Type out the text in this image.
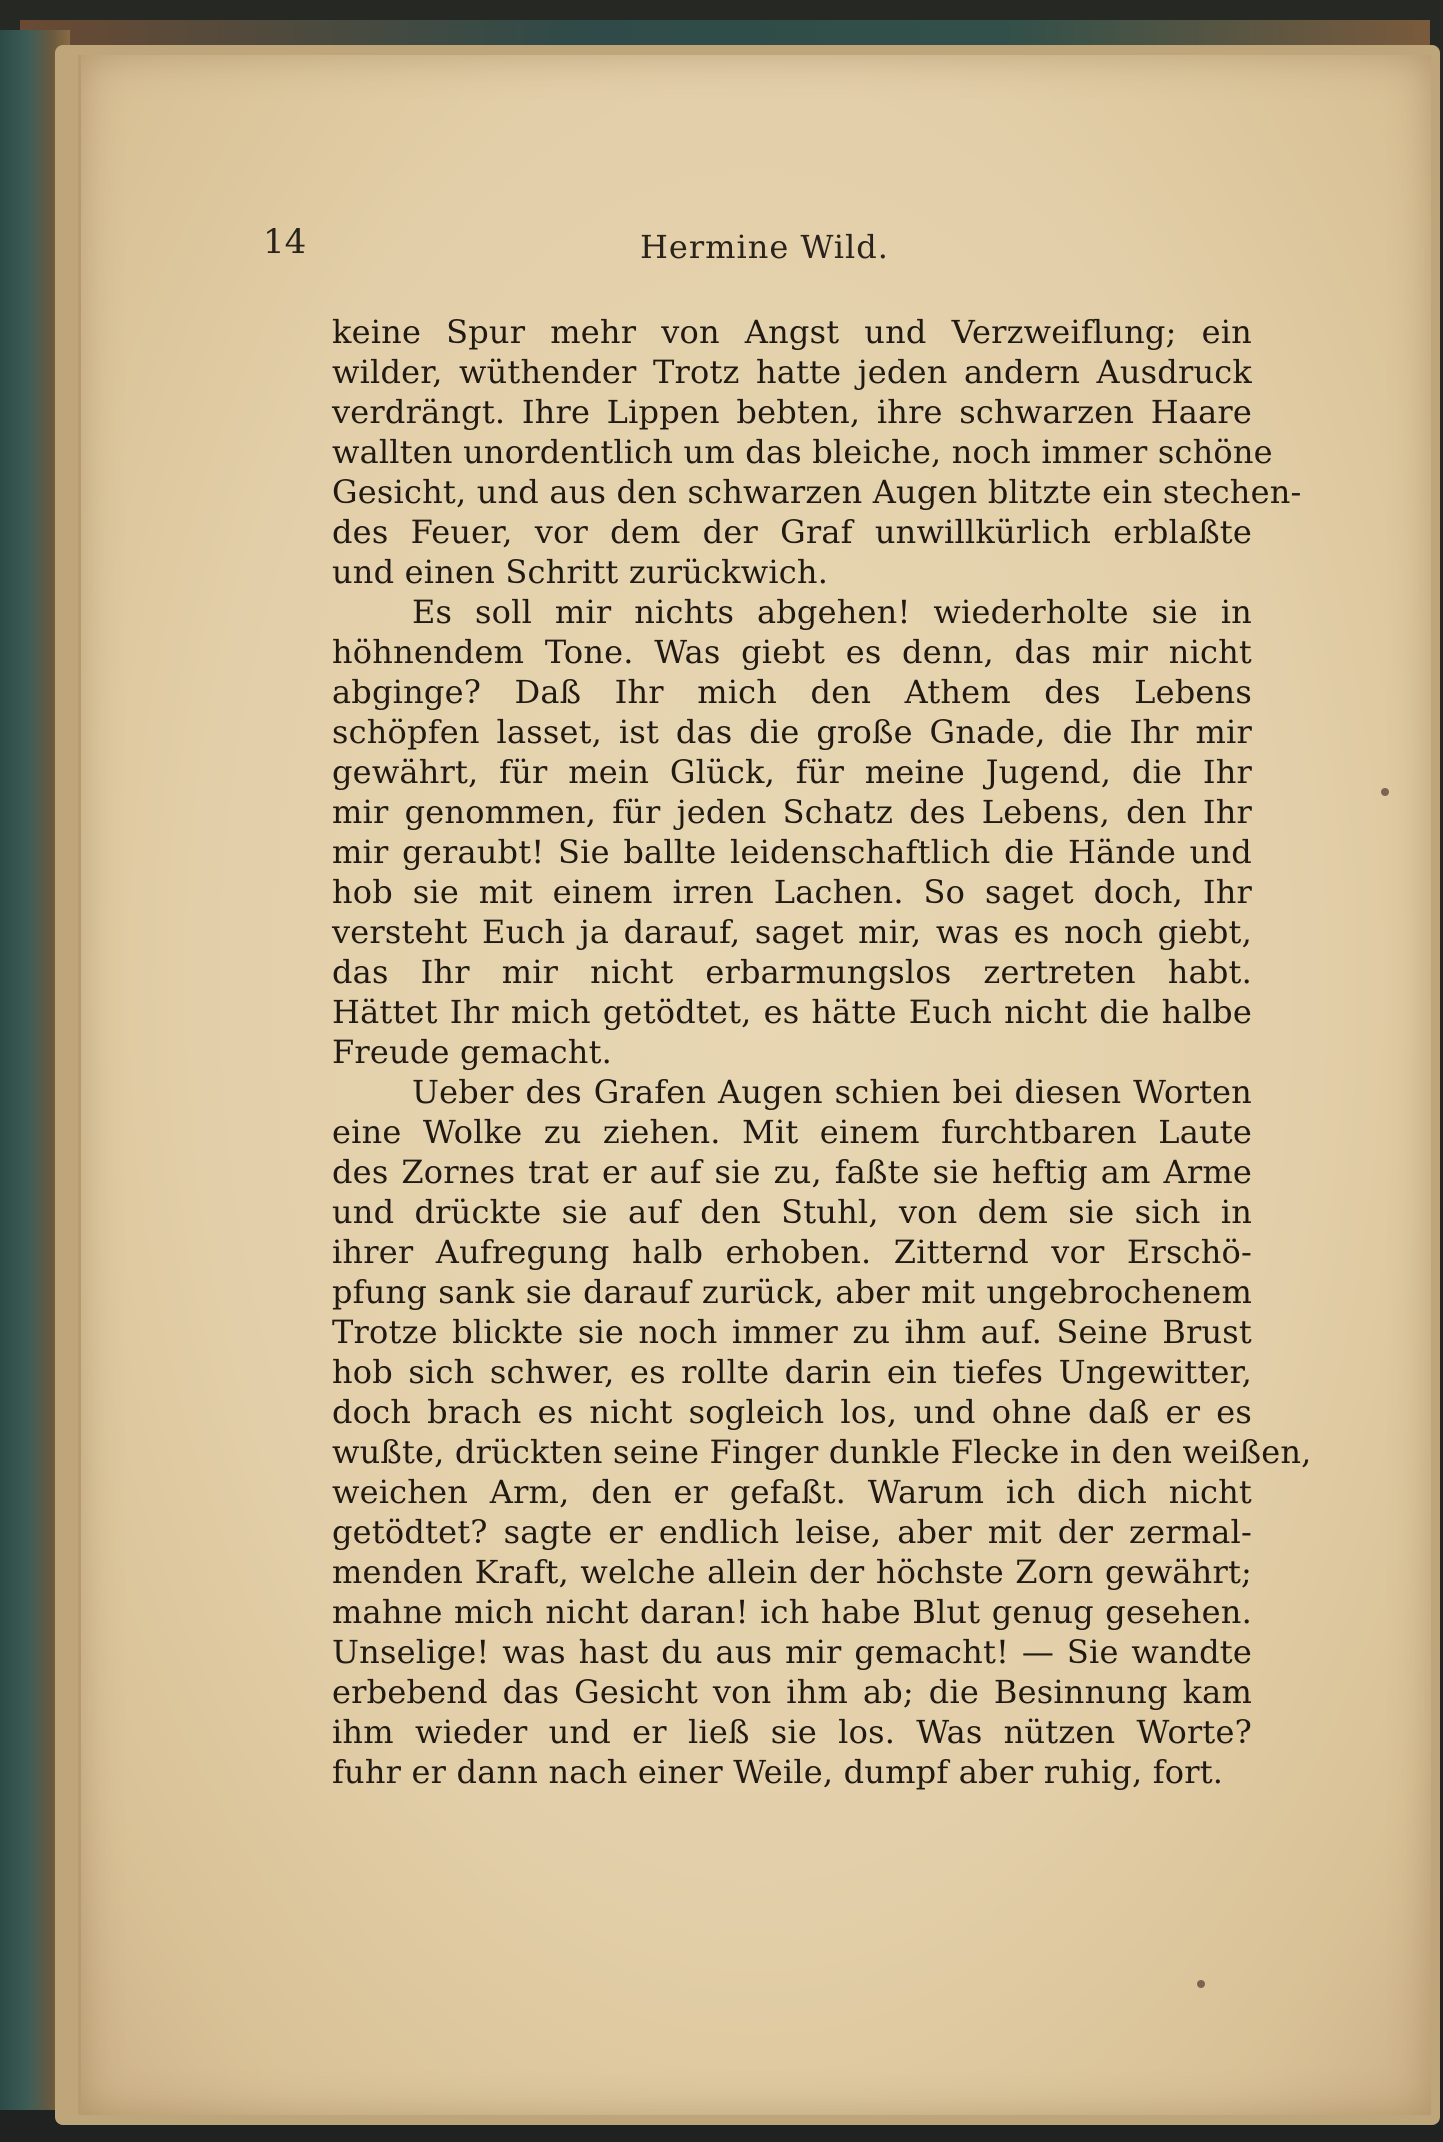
14	Hermine Wild.
keine Spur mehr von Angst und Verzweiflung; ein
wilder, wüthender Trotz hatte jeden andern Ausdruck
verdrängt. Ihre Lippen bebten, ihre schwarzen Haare
wallten unordentlich um das bleiche, noch immer schöne
Gesicht, und aus den schwarzen Augen blitzte ein stechen-
des Feuer, vor dem der Graf unwillkürlich erblaßte
und einen Schritt zurückwich.
Es soll mir nichts abgehen! wiederholte sie in
höhnendem Tone. Was giebt es denn, das mir nicht
abginge? Daß Ihr mich den Athem des Lebens
schöpfen lasset, ist das die große Gnade, die Ihr mir
gewährt, für mein Glück, für meine Jugend, die Ihr
mir genommen, für jeden Schatz des Lebens, den Ihr
mir geraubt! Sie ballte leidenschaftlich die Hände und
hob sie mit einem irren Lachen. So saget doch, Ihr
versteht Euch ja darauf, saget mir, was es noch giebt,
das Ihr mir nicht erbarmungslos zertreten habt.
Hättet Ihr mich getödtet, es hätte Euch nicht die halbe
Freude gemacht.
Ueber des Grafen Augen schien bei diesen Worten
eine Wolke zu ziehen. Mit einem furchtbaren Laute
des Zornes trat er auf sie zu, faßte sie heftig am Arme
und drückte sie auf den Stuhl, von dem sie sich in
ihrer Aufregung halb erhoben. Zitternd vor Erschö-
pfung sank sie darauf zurück, aber mit ungebrochenem
Trotze blickte sie noch immer zu ihm auf. Seine Brust
hob sich schwer, es rollte darin ein tiefes Ungewitter,
doch brach es nicht sogleich los, und ohne daß er es
wußte, drückten seine Finger dunkle Flecke in den weißen,
weichen Arm, den er gefaßt. Warum ich dich nicht
getödtet? sagte er endlich leise, aber mit der zermal-
menden Kraft, welche allein der höchste Zorn gewährt;
mahne mich nicht daran! ich habe Blut genug gesehen.
Unselige! was hast du aus mir gemacht! — Sie wandte
erbebend das Gesicht von ihm ab; die Besinnung kam
ihm wieder und er ließ sie los. Was nützen Worte?
fuhr er dann nach einer Weile, dumpf aber ruhig, fort.
